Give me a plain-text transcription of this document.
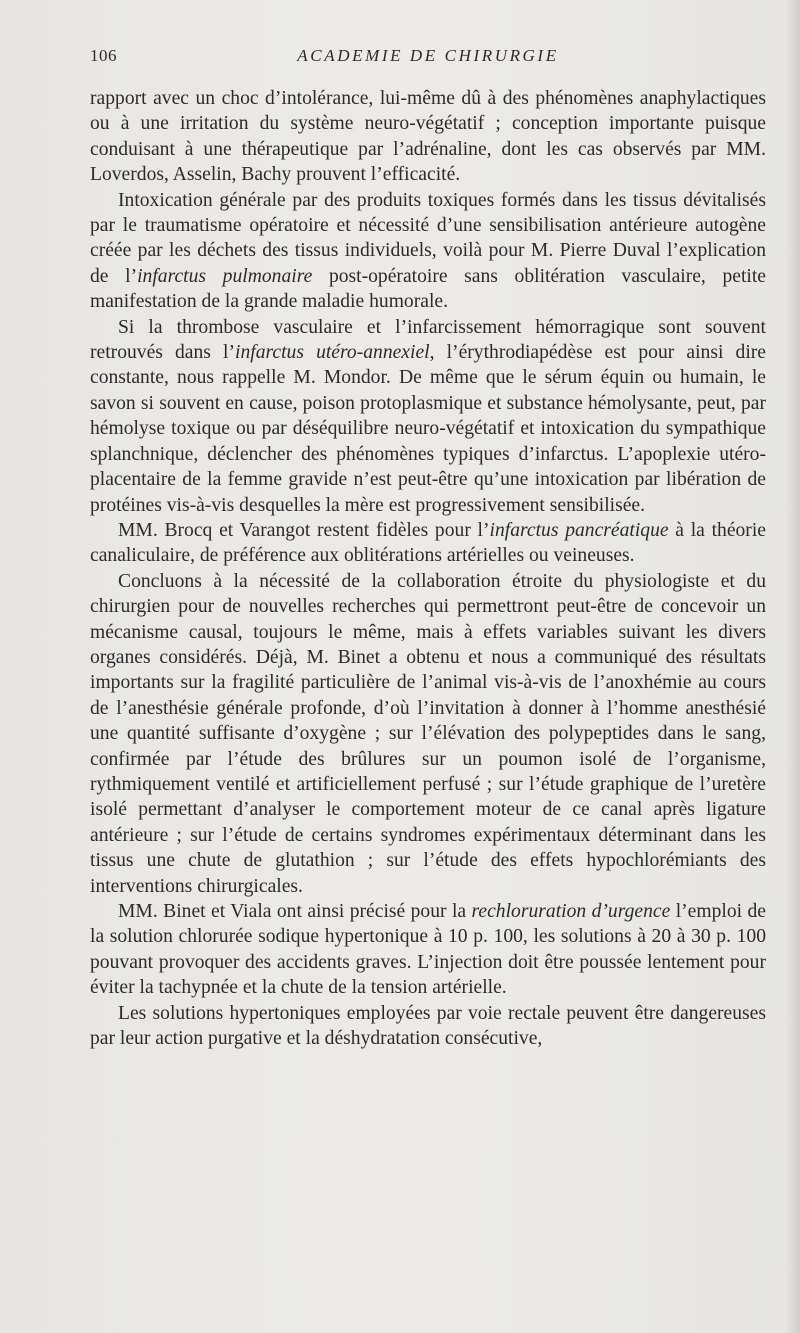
106	ACADEMIE DE CHIRURGIE

rapport avec un choc d’intolérance, lui-même dû à des phénomènes anaphylactiques ou à une irritation du système neuro-végétatif ; conception importante puisque conduisant à une thérapeutique par l’adrénaline, dont les cas observés par MM. Loverdos, Asselin, Bachy prouvent l’efficacité.

Intoxication générale par des produits toxiques formés dans les tissus dévitalisés par le traumatisme opératoire et nécessité d’une sensibilisation antérieure autogène créée par les déchets des tissus individuels, voilà pour M. Pierre Duval l’explication de l’infarctus pulmonaire post-opératoire sans oblitération vasculaire, petite manifestation de la grande maladie humorale.

Si la thrombose vasculaire et l’infarcissement hémorragique sont souvent retrouvés dans l’infarctus utéro-annexiel, l’érythrodiapédèse est pour ainsi dire constante, nous rappelle M. Mondor. De même que le sérum équin ou humain, le savon si souvent en cause, poison protoplasmique et substance hémolysante, peut, par hémolyse toxique ou par déséquilibre neuro-végétatif et intoxication du sympathique splanchnique, déclencher des phénomènes typiques d’infarctus. L’apoplexie utéro-placentaire de la femme gravide n’est peut-être qu’une intoxication par libération de protéines vis-à-vis desquelles la mère est progressivement sensibilisée.

MM. Brocq et Varangot restent fidèles pour l’infarctus pancréatique à la théorie canaliculaire, de préférence aux oblitérations artérielles ou veineuses.

Concluons à la nécessité de la collaboration étroite du physiologiste et du chirurgien pour de nouvelles recherches qui permettront peut-être de concevoir un mécanisme causal, toujours le même, mais à effets variables suivant les divers organes considérés. Déjà, M. Binet a obtenu et nous a communiqué des résultats importants sur la fragilité particulière de l’animal vis-à-vis de l’anoxhémie au cours de l’anesthésie générale profonde, d’où l’invitation à donner à l’homme anesthésié une quantité suffisante d’oxygène ; sur l’élévation des polypeptides dans le sang, confirmée par l’étude des brûlures sur un poumon isolé de l’organisme, rythmiquement ventilé et artificiellement perfusé ; sur l’étude graphique de l’uretère isolé permettant d’analyser le comportement moteur de ce canal après ligature antérieure ; sur l’étude de certains syndromes expérimentaux déterminant dans les tissus une chute de glutathion ; sur l’étude des effets hypochlorémiants des interventions chirurgicales.

MM. Binet et Viala ont ainsi précisé pour la rechloruration d’urgence l’emploi de la solution chlorurée sodique hypertonique à 10 p. 100, les solutions à 20 à 30 p. 100 pouvant provoquer des accidents graves. L’injection doit être poussée lentement pour éviter la tachypnée et la chute de la tension artérielle.

Les solutions hypertoniques employées par voie rectale peuvent être dangereuses par leur action purgative et la déshydratation consécutive,
